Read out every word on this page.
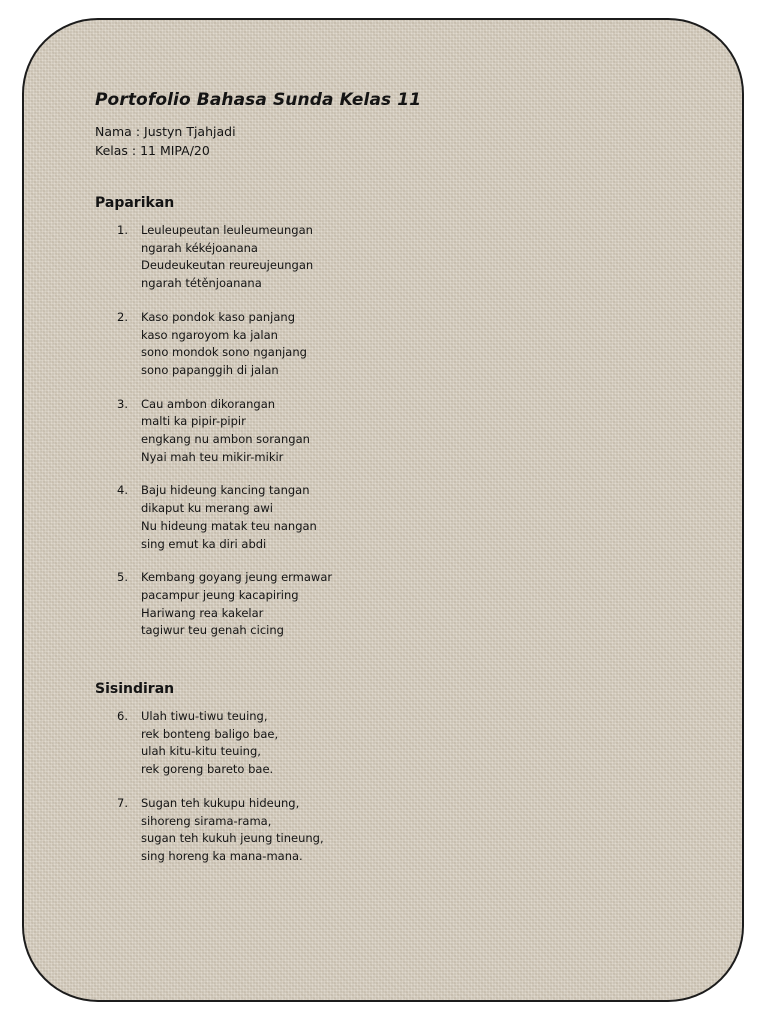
Portofolio Bahasa Sunda Kelas 11
Nama : Justyn Tjahjadi
Kelas : 11 MIPA/20
Paparikan
1. Leuleupeutan leuleumeungan
ngarah kékéjoanana
Deudeukeutan reureujeungan
ngarah tétěnjoanana
2. Kaso pondok kaso panjang
kaso ngaroyom ka jalan
sono mondok sono nganjang
sono papanggih di jalan
3. Cau ambon dikorangan
malti ka pipir-pipir
engkang nu ambon sorangan
Nyai mah teu mikir-mikir
4. Baju hideung kancing tangan
dikaput ku merang awi
Nu hideung matak teu nangan
sing emut ka diri abdi
5. Kembang goyang jeung ermawar
pacampur jeung kacapiring
Hariwang rea kakelar
tagiwur teu genah cicing
Sisindiran
6. Ulah tiwu-tiwu teuing,
rek bonteng baligo bae,
ulah kitu-kitu teuing,
rek goreng bareto bae.
7. Sugan teh kukupu hideung,
sihoreng sirama-rama,
sugan teh kukuh jeung tineung,
sing horeng ka mana-mana.
